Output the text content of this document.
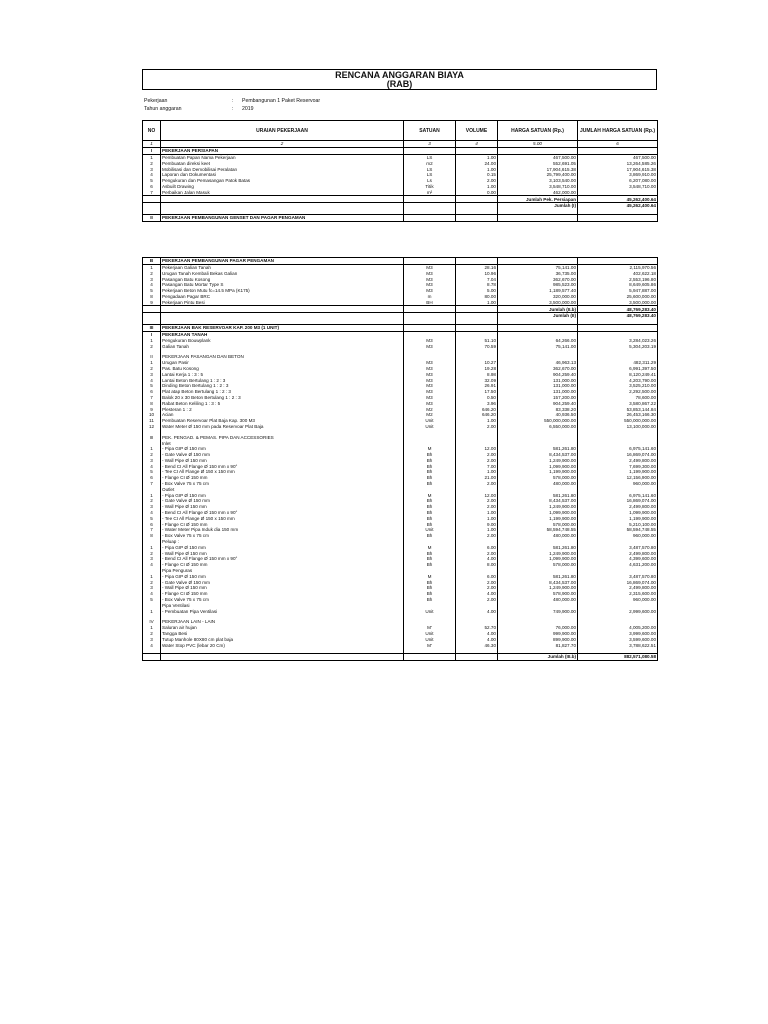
RENCANA ANGGARAN BIAYA
(RAB)
Pekerjaan	: Pembangunan 1 Paket Reservoar
Tahun anggaran	: 2019
NO	URAIAN PEKERJAAN	SATUAN	VOLUME	HARGA SATUAN (Rp.)	JUMLAH HARGA SATUAN (Rp.)
1	2	3	4	5.00	6
I	PEKERJAAN PERSIAPAN				
1	Pembuatan Papan Nama Pekerjaan	LS	1.00	467,500.00	467,500.00
2	Pembuatan direksi keet	m2	24.00	552,691.05	13,264,585.26
3	Mobilisasi dan Demobilisai Peralatan	LS	1.00	17,904,615.38	17,904,615.38
4	Laporan dan Dokumentasi	LS	0.15	25,799,400.00	3,869,910.00
5	Pengukuran dan Pemasangan Patok Batas	Ls	2.00	3,103,540.00	6,207,080.00
6	Asbuilt Drawing	Titik	1.00	3,548,710.00	3,548,710.00
7	Perbaikan Jalan Masuk	m²	0.00	462,000.00	
				Jumlah Pek. Persiapan	45,262,400.64
				Jumlah (I)	45,262,400.64

II	PEKERJAAN PEMBANGUNAN GENSET DAN PAGAR PENGAMAN				
B	PEKERJAAN PEMBANGUNAN PAGAR PENGAMAN				
1	Pekerjaan Galian Tanah	M3	28.16	75,141.00	2,115,970.56
2	Urugan Tanah Kembali Bekas Galian	M3	10.96	36,735.00	402,622.18
3	Pasangan Batu Kosong	M3	7.04	362,670.00	2,553,196.80
4	Pasangan Batu Mortar Type S	M3	8.78	985,523.00	8,649,605.86
5	Pekerjaan Beton Mutu fc=14.5 MPa (K175)	M3	5.00	1,189,577.40	5,947,887.00
8	Pengadaan Pagar BRC	m	80.00	320,000.00	25,600,000.00
9	Pekerjaan Pintu Besi	BH	1.00	3,500,000.00	3,500,000.00
				Jumlah (II.b)	48,769,283.40
				Jumlah (II)	48,769,283.40

III	PEKERJAAN BAK RESERVOAR KAP. 200 M3 (1 UNIT)				
I	PEKERJAAN TANAH				
1	Pengukuran Bouwplank	M3	51.10	64,266.00	3,284,023.26
2	Galian Tanah	M3	70.59	75,141.00	5,304,203.19

II	PEKERJAAN PASANGAN DAN BETON				
1	Urugan Pasir	M3	10.27	46,963.13	482,311.29
2	Pas. Batu Kosong	M3	19.28	362,670.00	6,991,397.50
3	Lantai Kerja 1 : 3 : 5	M3	8.98	904,259.40	8,120,249.41
4	Lantai Beton Bertulang 1 : 2 : 3	M3	32.09	131,000.00	4,203,790.00
5	Dinding Beton Bertulang 1 : 2 : 3	M3	26.91	131,000.00	3,525,210.00
6	Plat atap Beton Bertulang 1 : 2 : 3	M3	17.50	131,000.00	2,292,500.00
7	Balok 20 x 30 Beton Bertulang 1 : 2 : 3	M3	0.50	157,200.00	78,600.00
8	Rabat Beton Keliling 1 : 3 : 5	M3	3.96	904,259.40	3,580,867.22
9	Plesteran 1 : 2	M2	646.20	83,338.20	53,853,144.84
10	Acian	M2	646.20	40,936.50	26,453,166.30
11	Pembuatan Reservoar Plat Baja Kap. 300 M3	Unit	1.00	550,000,000.00	550,000,000.00
12	Water Meter Ø 150 mm pada Reservoar Plat Baja	Unit	2.00	6,550,000.00	13,100,000.00

III	PEK. PENGAD. & PEMAS. PIPA DAN ACCESSORIES				
	Inlet				
1	- Pipa GIP Ø 150 mm	M	12.00	581,261.80	6,975,141.60
2	- Gate Valve Ø 150 mm	Bh	2.00	8,434,537.00	16,869,074.00
3	- Wall Pipe Ø 150 mm	Bh	2.00	1,249,900.00	2,499,800.00
4	- Bend CI All Flange Ø 150 mm x 90°	Bh	7.00	1,099,900.00	7,699,300.00
5	- Tee CI All Flange Ø 150 x 150 mm	Bh	1.00	1,199,900.00	1,199,900.00
6	- Flange CI Ø 150 mm	Bh	21.00	578,000.00	12,156,900.00
7	- Box Valve 75 x 75 cm	Bh	2.00	480,000.00	960,000.00
	Outlet				
1	- Pipa GIP Ø 150 mm	M	12.00	581,261.80	6,975,141.60
2	- Gate Valve Ø 150 mm	Bh	2.00	8,434,537.00	16,869,074.00
3	- Wall Pipe Ø 150 mm	Bh	2.00	1,249,900.00	2,499,800.00
4	- Bend CI All Flange Ø 150 mm x 90°	Bh	1.00	1,099,900.00	1,099,900.00
5	- Tee CI All Flange Ø 150 x 150 mm	Bh	1.00	1,199,900.00	1,199,900.00
6	- Flange CI Ø 150 mm	Bh	9.00	578,000.00	5,210,100.00
7	- Water Meter Pipa Induk dia 150 mm	Unit	1.00	58,594,748.55	58,594,748.55
8	- Box Valve 75 x 75 cm	Bh	2.00	480,000.00	960,000.00
	Peluap :				
1	- Pipa GIP Ø 150 mm	M	6.00	581,261.80	3,487,570.80
2	- Wall Pipe Ø 150 mm	Bh	2.00	1,249,900.00	2,499,800.00
3	- Bend CI All Flange Ø 150 mm x 90°	Bh	4.00	1,099,900.00	4,399,600.00
4	- Flange CI Ø 150 mm	Bh	8.00	578,000.00	4,631,200.00
	Pipa Penguras				
1	- Pipa GIP Ø 150 mm	M	6.00	581,261.80	3,487,570.80
2	- Gate Valve Ø 150 mm	Bh	2.00	8,434,537.00	16,869,074.00
3	- Wall Pipe Ø 150 mm	Bh	2.00	1,249,900.00	2,499,800.00
4	- Flange CI Ø 150 mm	Bh	4.00	578,900.00	2,315,600.00
5	- Box Valve 75 x 75 cm	Bh	2.00	480,000.00	960,000.00
	Pipa Ventilasi				
1	- Pembuatan Pipa Ventilasi	Unit	4.00	749,900.00	2,999,600.00

IV	PEKERJAAN LAIN - LAIN				
1	Saluran air hujan	M'	52.70	76,000.00	4,005,200.00
2	Tangga Besi	Unit	4.00	999,900.00	3,999,600.00
3	Tutup Manhole 80X80 cm plat baja	Unit	4.00	899,900.00	3,599,600.00
4	Water Stop PVC (lebar 20 Cm)	M'	46.30	81,827.70	3,788,622.51

				Jumlah (III.b)	882,571,080.58
